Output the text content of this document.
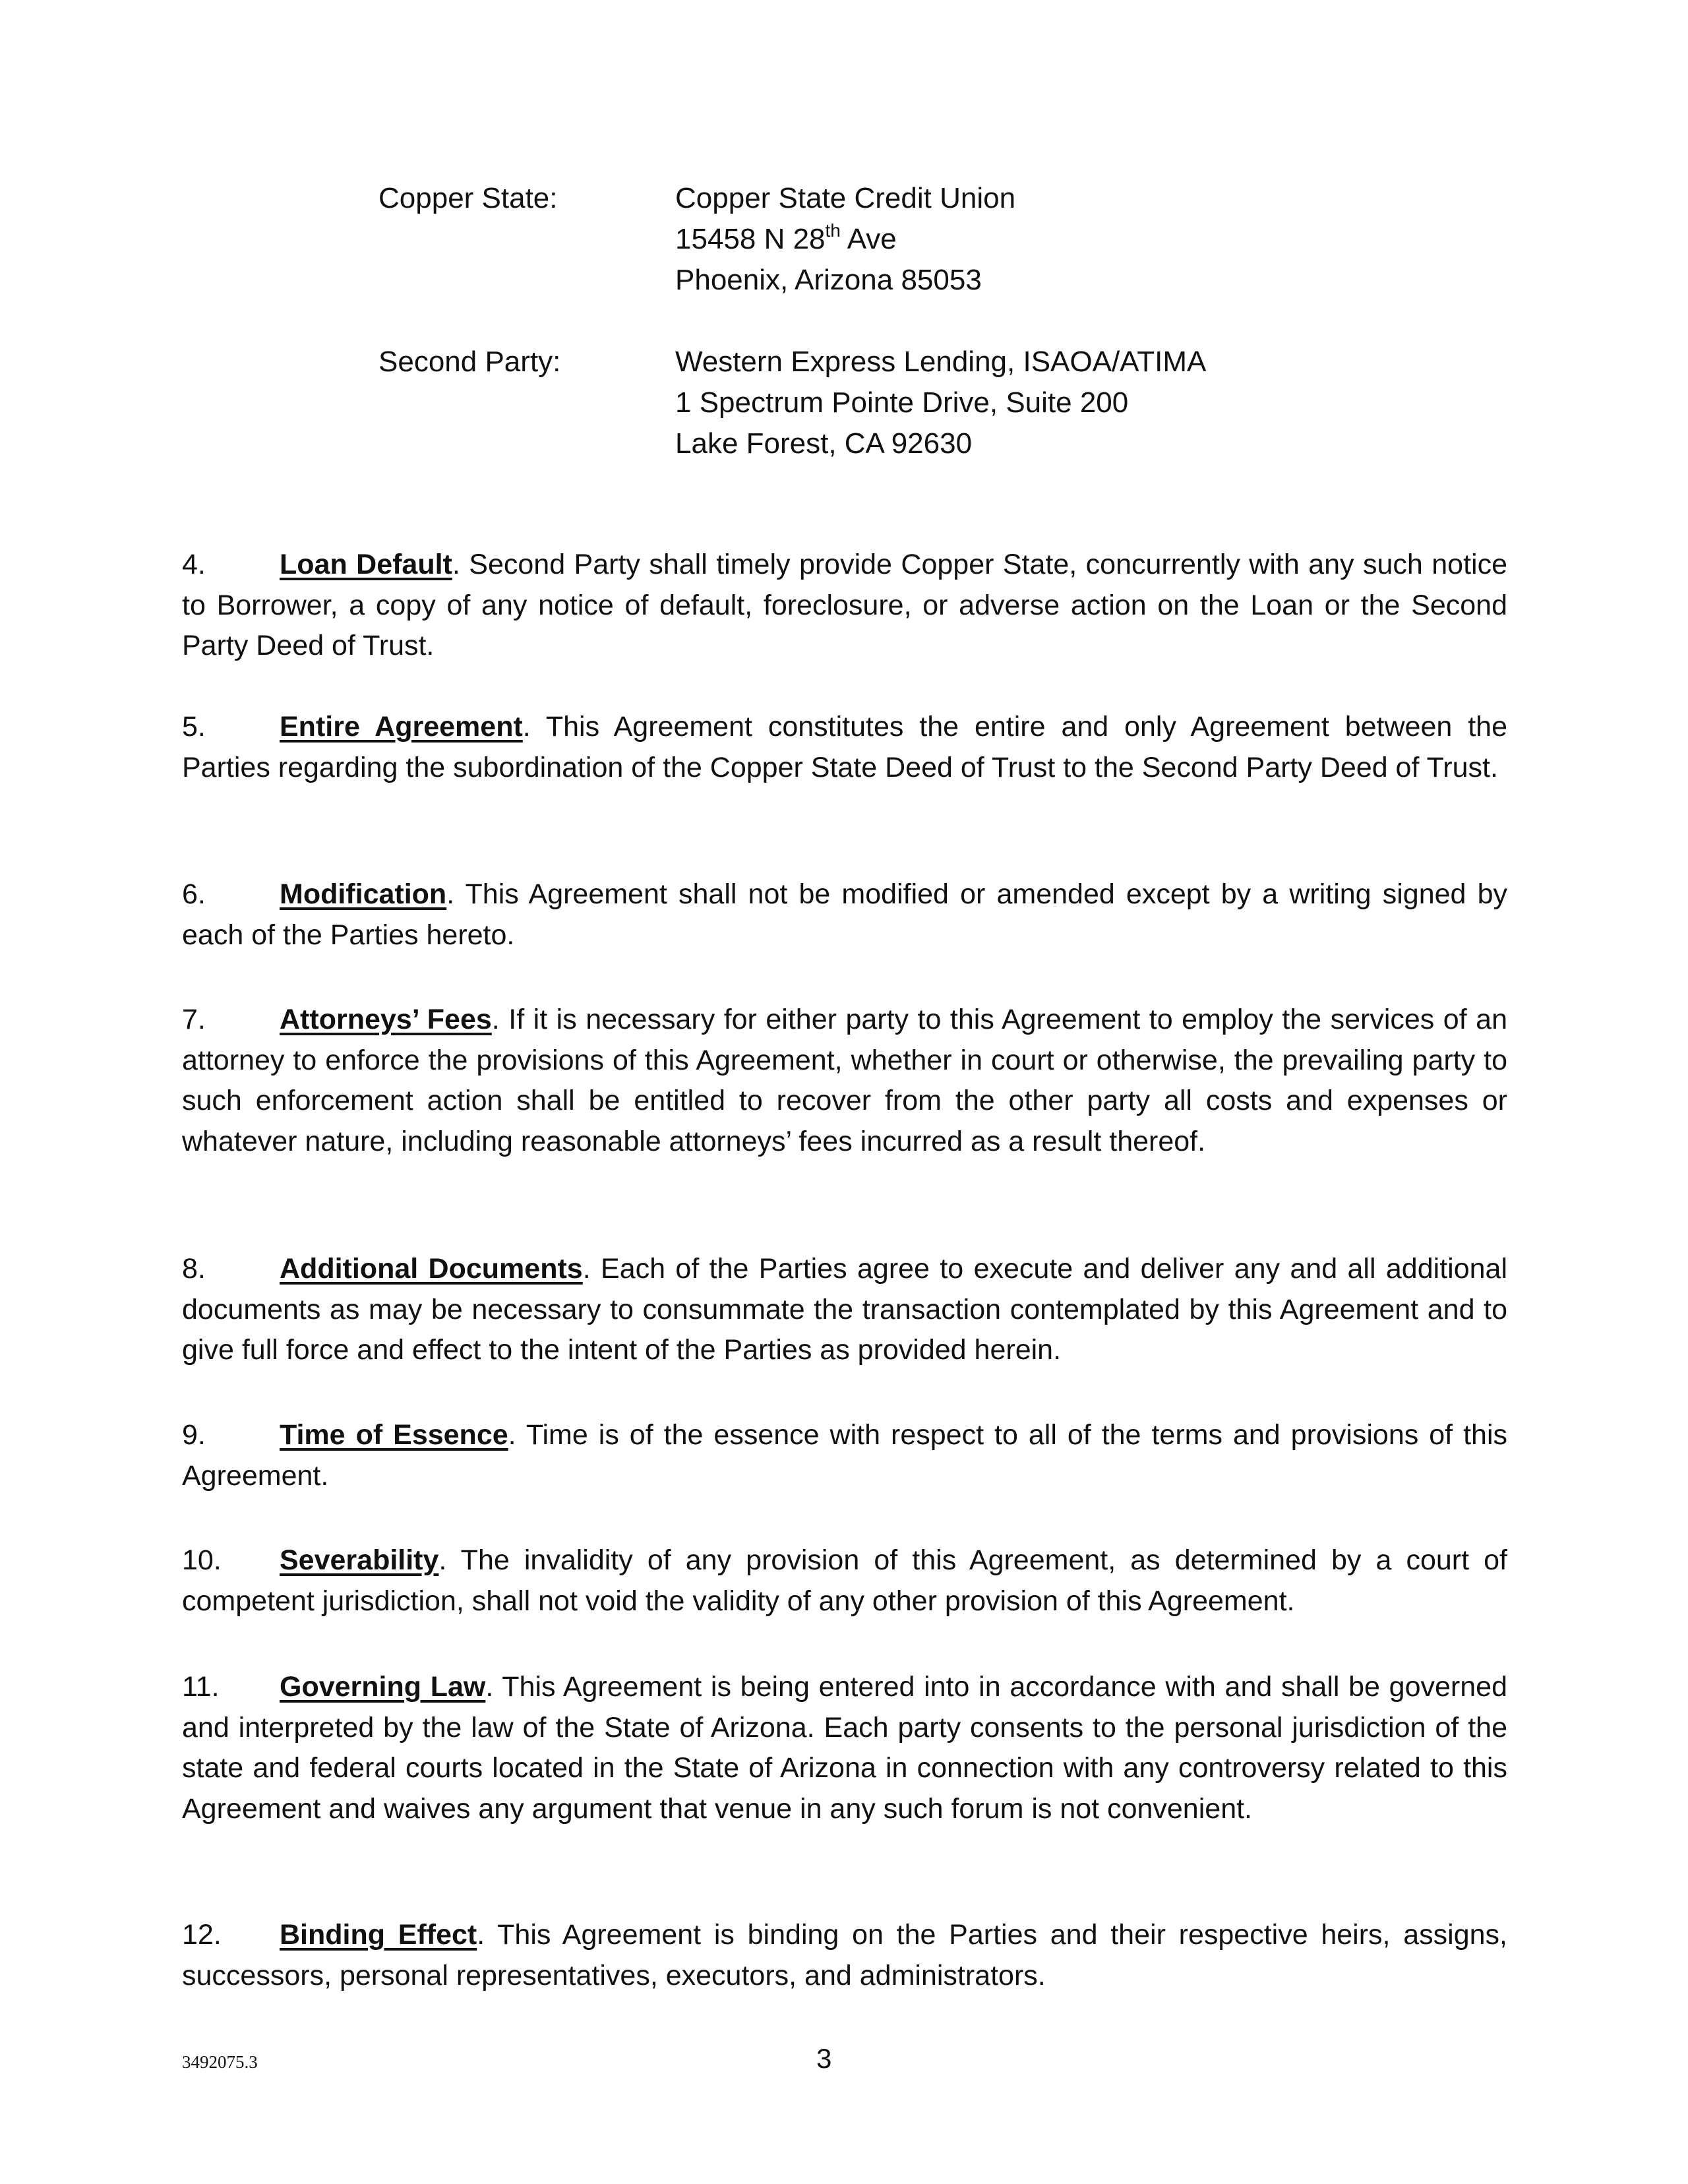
Copper State:	Copper State Credit Union
15458 N 28th Ave
Phoenix, Arizona 85053
Second Party:	Western Express Lending, ISAOA/ATIMA
1 Spectrum Pointe Drive, Suite 200
Lake Forest, CA 92630

4.	Loan Default. Second Party shall timely provide Copper State, concurrently with any such notice to Borrower, a copy of any notice of default, foreclosure, or adverse action on the Loan or the Second Party Deed of Trust.

5.	Entire Agreement. This Agreement constitutes the entire and only Agreement between the Parties regarding the subordination of the Copper State Deed of Trust to the Second Party Deed of Trust.

6.	Modification. This Agreement shall not be modified or amended except by a writing signed by each of the Parties hereto.

7.	Attorneys’ Fees. If it is necessary for either party to this Agreement to employ the services of an attorney to enforce the provisions of this Agreement, whether in court or otherwise, the prevailing party to such enforcement action shall be entitled to recover from the other party all costs and expenses or whatever nature, including reasonable attorneys’ fees incurred as a result thereof.

8.	Additional Documents. Each of the Parties agree to execute and deliver any and all additional documents as may be necessary to consummate the transaction contemplated by this Agreement and to give full force and effect to the intent of the Parties as provided herein.

9.	Time of Essence. Time is of the essence with respect to all of the terms and provisions of this Agreement.

10. Severability. The invalidity of any provision of this Agreement, as determined by a court of competent jurisdiction, shall not void the validity of any other provision of this Agreement.

11. Governing Law. This Agreement is being entered into in accordance with and shall be governed and interpreted by the law of the State of Arizona. Each party consents to the personal jurisdiction of the state and federal courts located in the State of Arizona in connection with any controversy related to this Agreement and waives any argument that venue in any such forum is not convenient.

12. Binding Effect. This Agreement is binding on the Parties and their respective heirs, assigns, successors, personal representatives, executors, and administrators.

3492075.3	3
